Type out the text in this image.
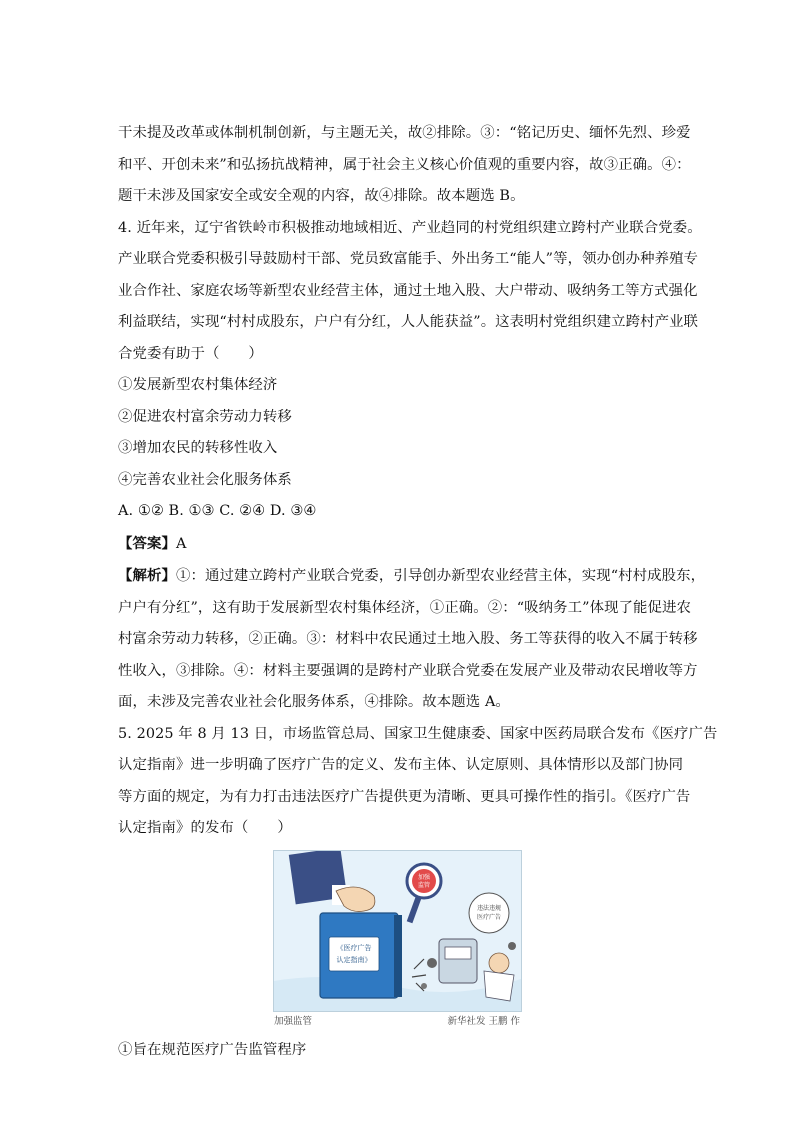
干未提及改革或体制机制创新，与主题无关，故②排除。③：“铭记历史、缅怀先烈、珍爱
和平、开创未来”和弘扬抗战精神，属于社会主义核心价值观的重要内容，故③正确。④：
题干未涉及国家安全或安全观的内容，故④排除。故本题选 B。
4. 近年来，辽宁省铁岭市积极推动地域相近、产业趋同的村党组织建立跨村产业联合党委。
产业联合党委积极引导鼓励村干部、党员致富能手、外出务工“能人”等，领办创办种养殖专
业合作社、家庭农场等新型农业经营主体，通过土地入股、大户带动、吸纳务工等方式强化
利益联结，实现“村村成股东，户户有分红，人人能获益”。这表明村党组织建立跨村产业联
合党委有助于（　　）
①发展新型农村集体经济
②促进农村富余劳动力转移
③增加农民的转移性收入
④完善农业社会化服务体系
A. ①② B. ①③ C. ②④ D. ③④
【答案】A
【解析】①：通过建立跨村产业联合党委，引导创办新型农业经营主体，实现“村村成股东，
户户有分红”，这有助于发展新型农村集体经济，①正确。②：“吸纳务工”体现了能促进农
村富余劳动力转移，②正确。③：材料中农民通过土地入股、务工等获得的收入不属于转移
性收入，③排除。④：材料主要强调的是跨村产业联合党委在发展产业及带动农民增收等方
面，未涉及完善农业社会化服务体系，④排除。故本题选 A。
5. 2025 年 8 月 13 日，市场监管总局、国家卫生健康委、国家中医药局联合发布《医疗广告
认定指南》进一步明确了医疗广告的定义、发布主体、认定原则、具体情形以及部门协同
等方面的规定，为有力打击违法医疗广告提供更为清晰、更具可操作性的指引。《医疗广告
认定指南》的发布（　　）
《医疗广告
认定指南》
加强
监管
违法违规
医疗广告
加强监管	新华社发 王鹏 作
①旨在规范医疗广告监管程序
